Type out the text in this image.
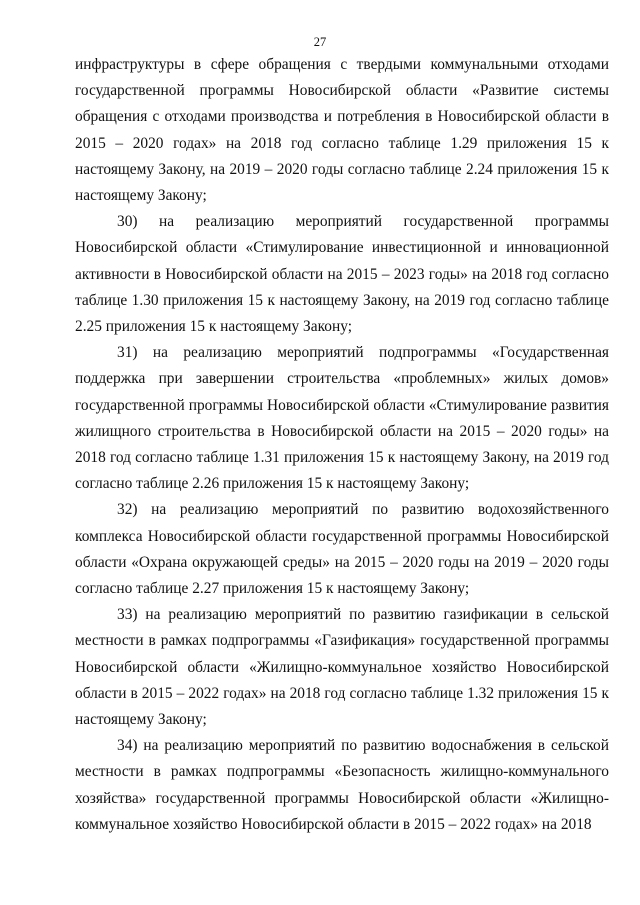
27

инфраструктуры в сфере обращения с твердыми коммунальными отходами государственной программы Новосибирской области «Развитие системы обращения с отходами производства и потребления в Новосибирской области в 2015 – 2020 годах» на 2018 год согласно таблице 1.29 приложения 15 к настоящему Закону, на 2019 – 2020 годы согласно таблице 2.24 приложения 15 к настоящему Закону;

30) на реализацию мероприятий государственной программы Новосибирской области «Стимулирование инвестиционной и инновационной активности в Новосибирской области на 2015 – 2023 годы» на 2018 год согласно таблице 1.30 приложения 15 к настоящему Закону, на 2019 год согласно таблице 2.25 приложения 15 к настоящему Закону;

31) на реализацию мероприятий подпрограммы «Государственная поддержка при завершении строительства «проблемных» жилых домов» государственной программы Новосибирской области «Стимулирование развития жилищного строительства в Новосибирской области на 2015 – 2020 годы» на 2018 год согласно таблице 1.31 приложения 15 к настоящему Закону, на 2019 год согласно таблице 2.26 приложения 15 к настоящему Закону;

32) на реализацию мероприятий по развитию водохозяйственного комплекса Новосибирской области государственной программы Новосибирской области «Охрана окружающей среды» на 2015 – 2020 годы на 2019 – 2020 годы согласно таблице 2.27 приложения 15 к настоящему Закону;

33) на реализацию мероприятий по развитию газификации в сельской местности в рамках подпрограммы «Газификация» государственной программы Новосибирской области «Жилищно-коммунальное хозяйство Новосибирской области в 2015 – 2022 годах» на 2018 год согласно таблице 1.32 приложения 15 к настоящему Закону;

34) на реализацию мероприятий по развитию водоснабжения в сельской местности в рамках подпрограммы «Безопасность жилищно-коммунального хозяйства» государственной программы Новосибирской области «Жилищно-коммунальное хозяйство Новосибирской области в 2015 – 2022 годах» на 2018
